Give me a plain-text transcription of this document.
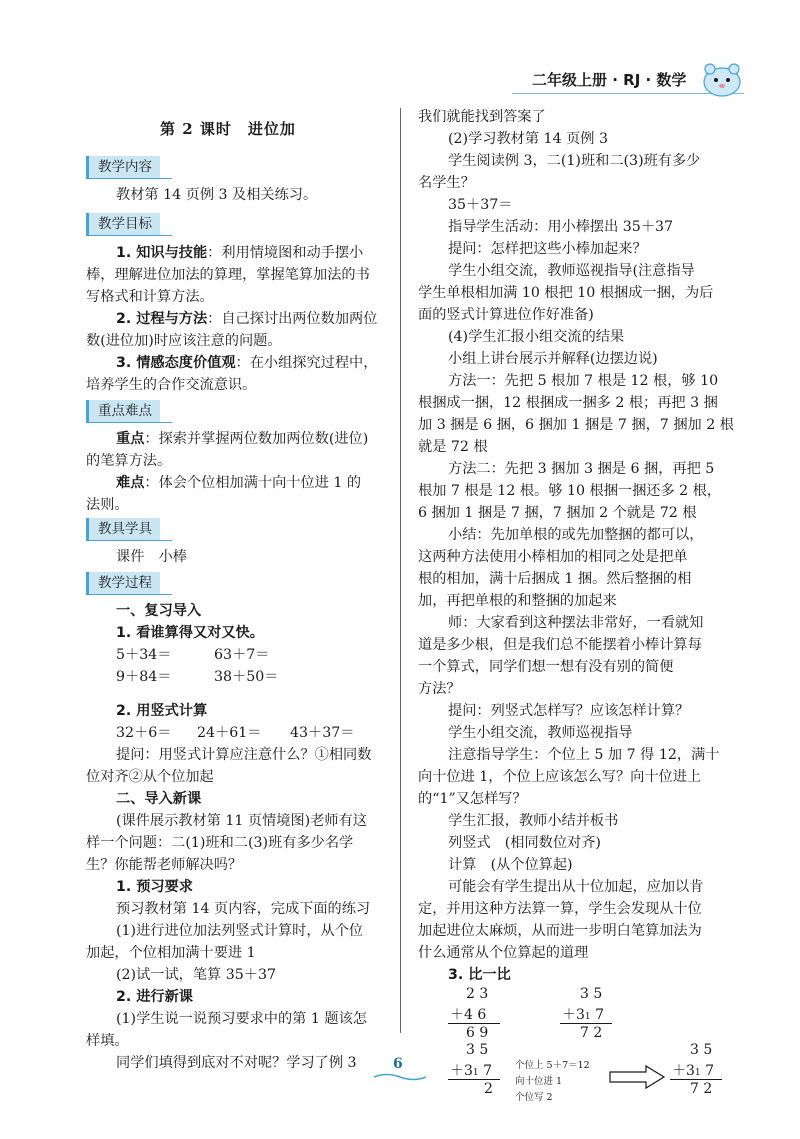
二年级上册 · RJ · 数学
第 2 课时　进位加
教学内容

教材第 14 页例 3 及相关练习。

教学目标

1. 知识与技能：利用情境图和动手摆小

棒，理解进位加法的算理，掌握笔算加法的书

写格式和计算方法。

2. 过程与方法：自己探讨出两位数加两位

数(进位加)时应该注意的问题。

3. 情感态度价值观：在小组探究过程中，

培养学生的合作交流意识。

重点难点

重点：探索并掌握两位数加两位数(进位)

的笔算方法。

难点：体会个位相加满十向十位进 1 的

法则。

教具学具

课件　小棒

教学过程

一、复习导入

1. 看谁算得又对又快。

5＋34＝	63＋7＝

9＋84＝	38＋50＝

2. 用竖式计算

32＋6＝ 24＋61＝ 43＋37＝

提问：用竖式计算应注意什么？①相同数

位对齐②从个位加起

二、导入新课

(课件展示教材第 11 页情境图)老师有这

样一个问题：二(1)班和二(3)班有多少名学

生？你能帮老师解决吗？

1. 预习要求

预习教材第 14 页内容，完成下面的练习

(1)进行进位加法列竖式计算时，从个位

加起，个位相加满十要进 1

(2)试一试，笔算 35＋37

2. 进行新课

(1)学生说一说预习要求中的第 1 题该怎

样填。

同学们填得到底对不对呢？学习了例 3

我们就能找到答案了

(2)学习教材第 14 页例 3

学生阅读例 3，二(1)班和二(3)班有多少

名学生？

35＋37＝

指导学生活动：用小棒摆出 35＋37

提问：怎样把这些小棒加起来？

学生小组交流，教师巡视指导(注意指导

学生单根相加满 10 根把 10 根捆成一捆，为后

面的竖式计算进位作好准备)

(4)学生汇报小组交流的结果

小组上讲台展示并解释(边摆边说)

方法一：先把 5 根加 7 根是 12 根，够 10

根捆成一捆，12 根捆成一捆多 2 根；再把 3 捆

加 3 捆是 6 捆，6 捆加 1 捆是 7 捆，7 捆加 2 根

就是 72 根

方法二：先把 3 捆加 3 捆是 6 捆，再把 5

根加 7 根是 12 根。够 10 根捆一捆还多 2 根，

6 捆加 1 捆是 7 捆，7 捆加 2 个就是 72 根

小结：先加单根的或先加整捆的都可以，

这两种方法使用小棒相加的相同之处是把单

根的相加，满十后捆成 1 捆。然后整捆的相

加，再把单根的和整捆的加起来

师：大家看到这种摆法非常好，一看就知

道是多少根，但是我们总不能摆着小棒计算每

一个算式，同学们想一想有没有别的简便

方法？

提问：列竖式怎样写？应该怎样计算？

学生小组交流，教师巡视指导

注意指导学生：个位上 5 加 7 得 12，满十

向十位进 1，个位上应该怎么写？向十位进上

的“1”又怎样写？

学生汇报，教师小结并板书

列竖式　(相同数位对齐)

计算　(从个位算起)

可能会有学生提出从十位加起，应加以肯

定，并用这种方法算一算，学生会发现从十位

加起进位太麻烦，从而进一步明白笔算加法为

什么通常从个位算起的道理

3. 比一比

2 3
＋4 6
6 9
3 5
＋31 7
7 2
3 5
＋31 7
2
个位上 5＋7＝12
向十位进 1
个位写 2
3 5
＋31 7
7 2
6
